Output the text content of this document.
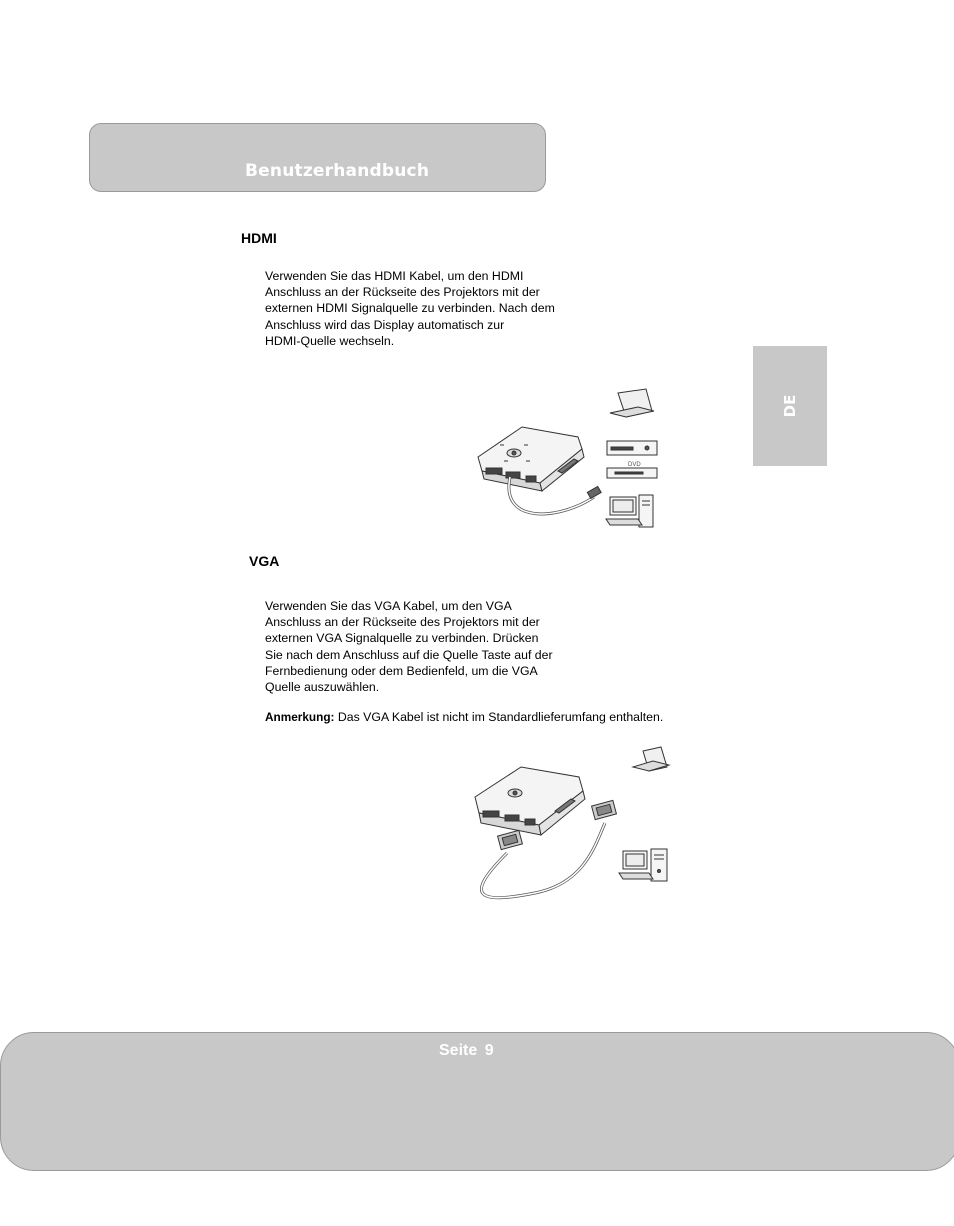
Benutzerhandbuch
DE
HDMI
Verwenden Sie das HDMI Kabel, um den HDMI
Anschluss an der Rückseite des Projektors mit der
externen HDMI Signalquelle zu verbinden. Nach dem
Anschluss wird das Display automatisch zur
HDMI-Quelle wechseln.
DVD
VGA
Verwenden Sie das VGA Kabel, um den VGA
Anschluss an der Rückseite des Projektors mit der
externen VGA Signalquelle zu verbinden. Drücken
Sie nach dem Anschluss auf die Quelle Taste auf der
Fernbedienung oder dem Bedienfeld, um die VGA
Quelle auszuwählen.
Anmerkung: Das VGA Kabel ist nicht im Standardlieferumfang enthalten.
Seite 9
